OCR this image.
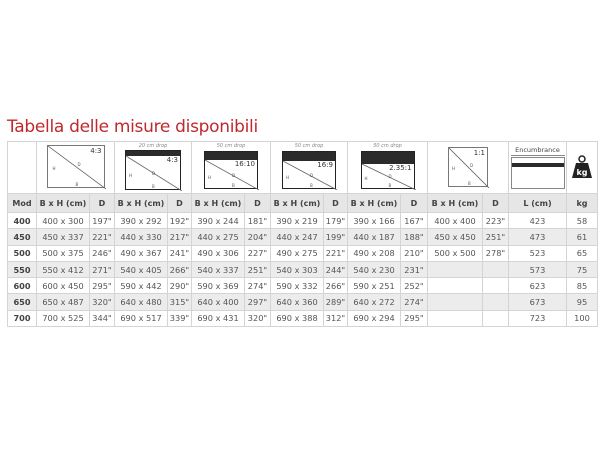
Tabella delle misure disponibili

	4:3
H
D
B		20 cm drop
4:3
H D
B		50 cm drop
16:10
H D
B		50 cm drop
16:9
H D
B		50 cm drop
2.35:1
H D
B		1:1
H
D
B		Encumbrance	kg

Mod	B x H (cm)	D	B x H (cm)	D	B x H (cm)	D	B x H (cm)	D	B x H (cm)	D	B x H (cm)	D	L (cm)	kg
400	400 x 300	197"	390 x 292	192"	390 x 244	181"	390 x 219	179"	390 x 166	167"	400 x 400	223"	423	58
450	450 x 337	221"	440 x 330	217"	440 x 275	204"	440 x 247	199"	440 x 187	188"	450 x 450	251"	473	61
500	500 x 375	246"	490 x 367	241"	490 x 306	227"	490 x 275	221"	490 x 208	210"	500 x 500	278"	523	65
550	550 x 412	271"	540 x 405	266"	540 x 337	251"	540 x 303	244"	540 x 230	231"			573	75
600	600 x 450	295"	590 x 442	290"	590 x 369	274"	590 x 332	266"	590 x 251	252"			623	85
650	650 x 487	320"	640 x 480	315"	640 x 400	297"	640 x 360	289"	640 x 272	274"			673	95
700	700 x 525	344"	690 x 517	339"	690 x 431	320"	690 x 388	312"	690 x 294	295"			723	100
